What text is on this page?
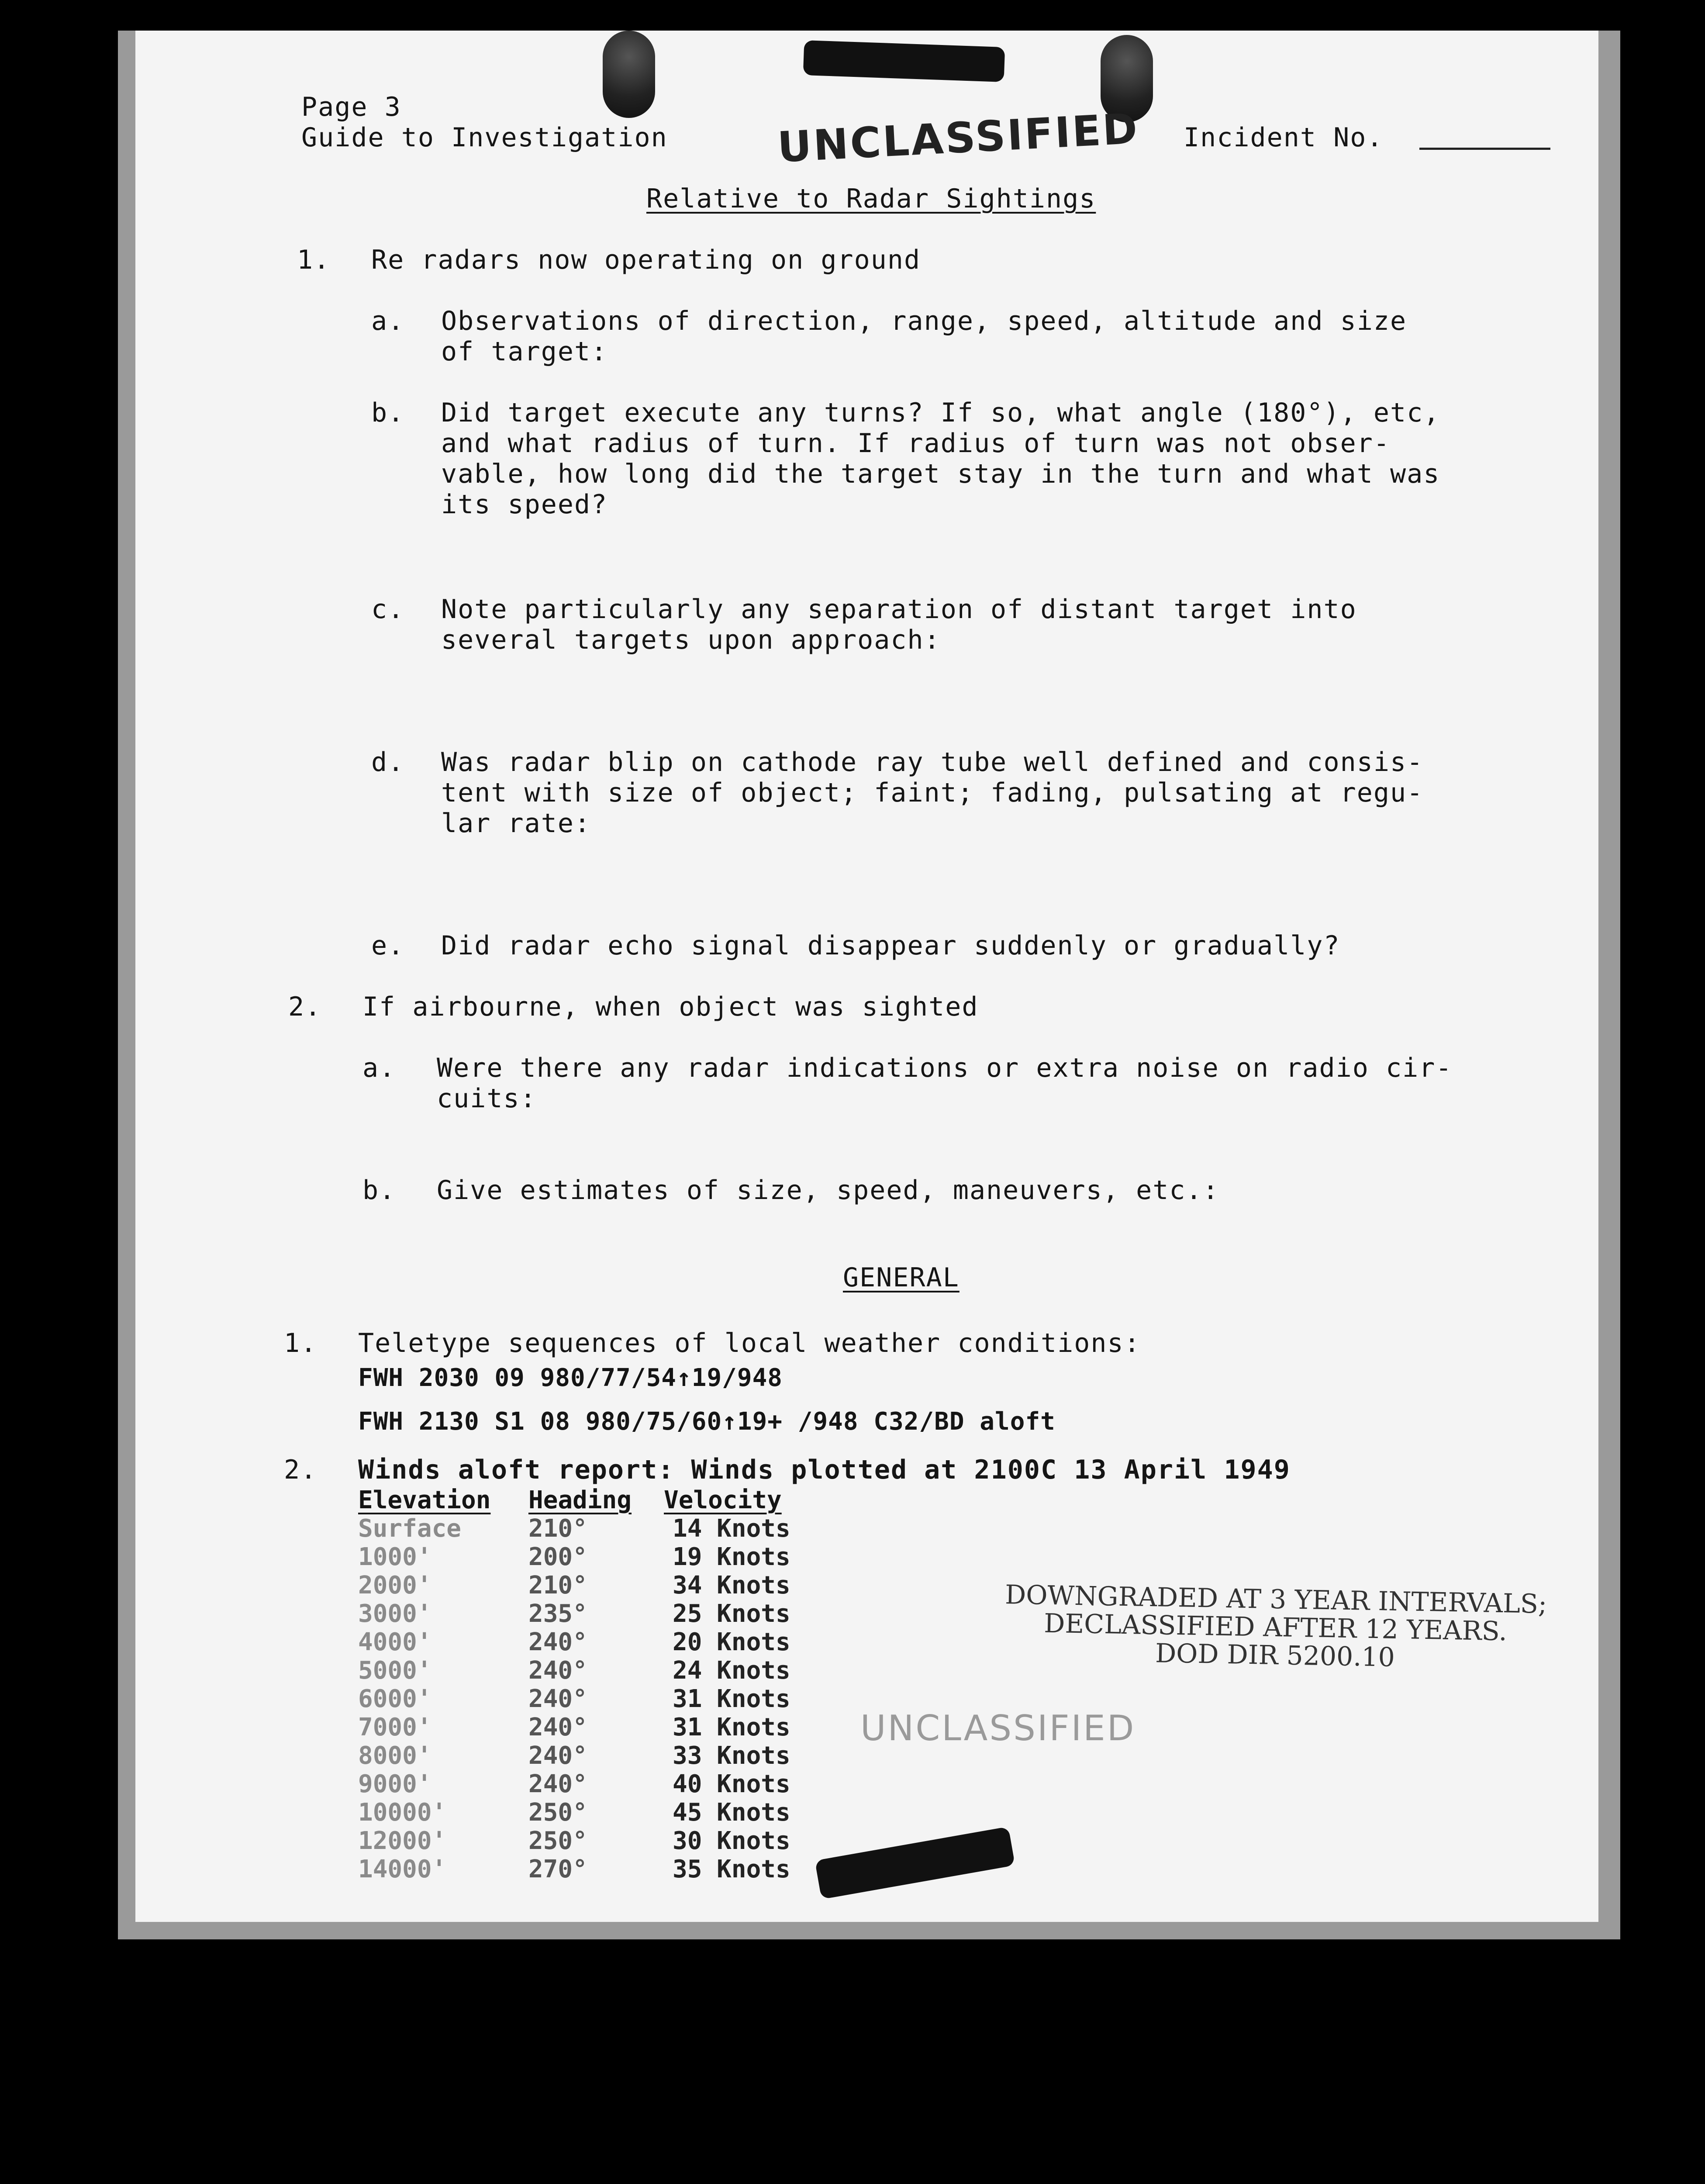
Page 3
Guide to Investigation	UNCLASSIFIED Incident No.
Relative to Radar Sightings
1. Re radars now operating on ground
a. Observations of direction, range, speed, altitude and size
of target:
b. Did target execute any turns? If so, what angle (180°), etc,
and what radius of turn. If radius of turn was not obser-
vable, how long did the target stay in the turn and what was
its speed?
c. Note particularly any separation of distant target into
several targets upon approach:
d. Was radar blip on cathode ray tube well defined and consis-
tent with size of object; faint; fading, pulsating at regu-
lar rate:
e. Did radar echo signal disappear suddenly or gradually?
2. If airbourne, when object was sighted
a. Were there any radar indications or extra noise on radio cir-
cuits:
b. Give estimates of size, speed, maneuvers, etc.:
GENERAL
1. Teletype sequences of local weather conditions:
FWH 2030 09 980/77/54↑19/948
FWH 2130 S1 08 980/75/60↑19+ /948 C32/BD aloft
2. Winds aloft report: Winds plotted at 2100C 13 April 1949
Elevation Heading Velocity
Surface	210°	14 Knots
1000'	200°	19 Knots
2000'	210°	34 Knots
3000'	235°	25 Knots
4000'	240°	20 Knots
5000'	240°	24 Knots
6000'	240°	31 Knots
7000'	240°	31 Knots
8000'	240°	33 Knots
9000'	240°	40 Knots
10000'	250°	45 Knots
12000'	250°	30 Knots
14000'	270°	35 Knots
DOWNGRADED AT 3 YEAR INTERVALS;
DECLASSIFIED AFTER 12 YEARS.
DOD DIR 5200.10
UNCLASSIFIED
